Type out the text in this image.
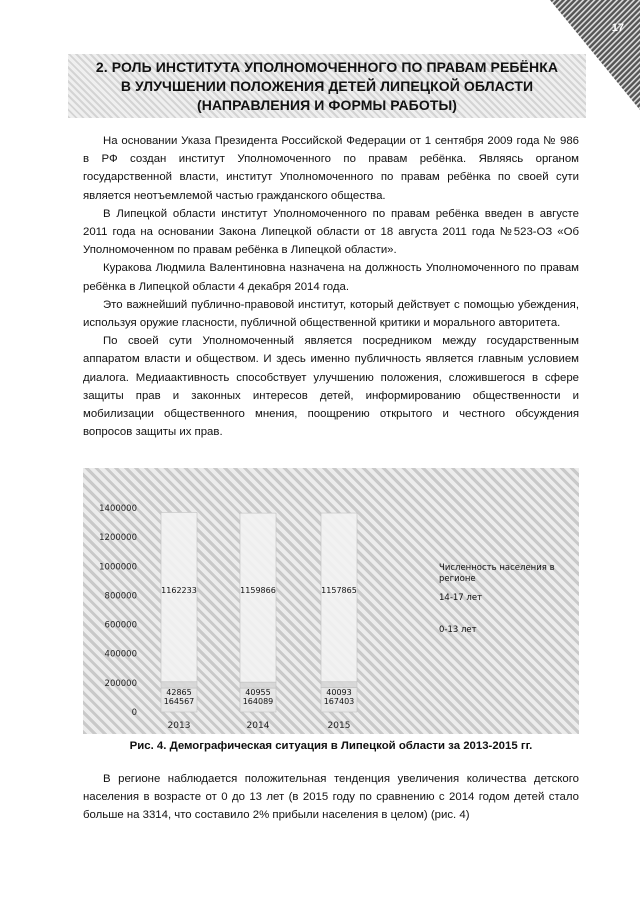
17
2. РОЛЬ ИНСТИТУТА УПОЛНОМОЧЕННОГО ПО ПРАВАМ РЕБЁНКА
В УЛУЧШЕНИИ ПОЛОЖЕНИЯ ДЕТЕЙ ЛИПЕЦКОЙ ОБЛАСТИ
(НАПРАВЛЕНИЯ И ФОРМЫ РАБОТЫ)

На основании Указа Президента Российской Федерации от 1 сентября 2009 года № 986 в РФ создан институт Уполномоченного по правам ребёнка. Являясь органом государственной власти, институт Уполномоченного по правам ребёнка по своей сути является неотъемлемой частью гражданского общества.

В Липецкой области институт Уполномоченного по правам ребёнка введен в августе 2011 года на основании Закона Липецкой области от 18 августа 2011 года №523-ОЗ «Об Уполномоченном по правам ребёнка в Липецкой области».

Куракова Людмила Валентиновна назначена на должность Уполномоченного по правам ребёнка в Липецкой области 4 декабря 2014 года.

Это важнейший публично-правовой институт, который действует с помощью убеждения, используя оружие гласности, публичной общественной критики и морального авторитета.

По своей сути Уполномоченный является посредником между государственным аппаратом власти и обществом. И здесь именно публичность является главным условием диалога. Медиаактивность способствует улучшению положения, сложившегося в сфере защиты прав и законных интересов детей, информированию общественности и мобилизации общественного мнения, поощрению открытого и честного обсуждения вопросов защиты их прав.

0
200000
400000
600000
800000
1000000
1200000
1400000
2013	2014	2015
164567
42865
1162233
164089
40955
1159866
167403
40093
1157865
Численность населения в
регионе
14-17 лет
0-13 лет
Рис. 4. Демографическая ситуация в Липецкой области за 2013-2015 гг.

В регионе наблюдается положительная тенденция увеличения количества детского населения в возрасте от 0 до 13 лет (в 2015 году по сравнению с 2014 годом детей стало больше на 3314, что составило 2% прибыли населения в целом) (рис. 4)
